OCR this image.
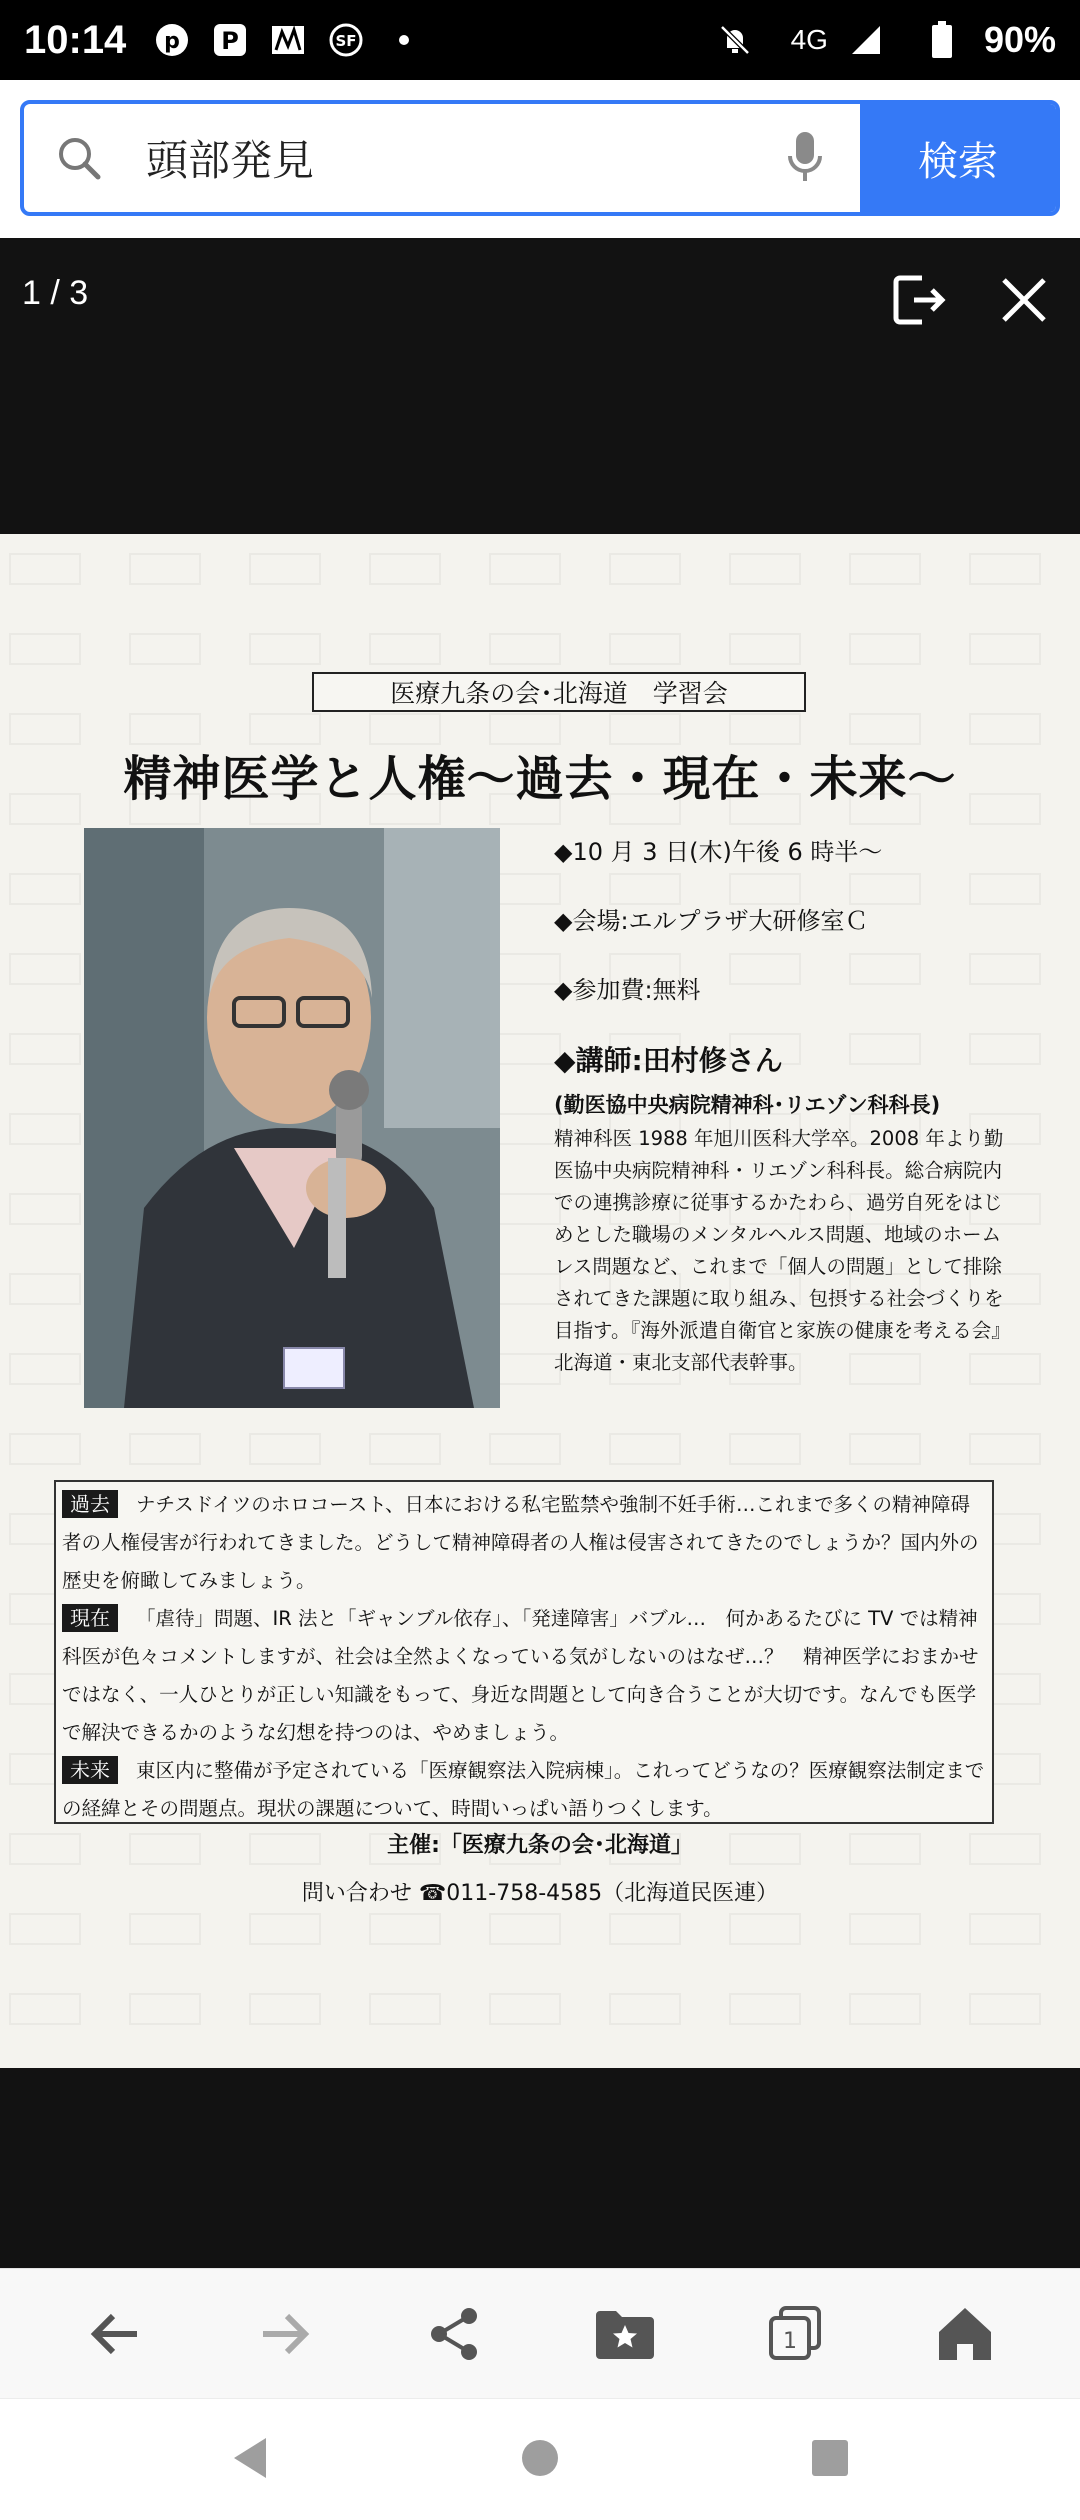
10:14 p P	SF	4G	90%
頭部発見
検索
1 / 3
医療九条の会･北海道　学習会
精神医学と人権〜過去・現在・未来〜
◆10 月 3 日(木)午後 6 時半〜
◆会場:エルプラザ大研修室Ｃ
◆参加費:無料
◆講師:田村修さん
(勤医協中央病院精神科･リエゾン科科長)
精神科医 1988 年旭川医科大学卒。2008 年より勤医協中央病院精神科・リエゾン科科長。総合病院内での連携診療に従事するかたわら、過労自死をはじめとした職場のメンタルヘルス問題、地域のホームレス問題など、これまで「個人の問題」として排除されてきた課題に取り組み、包摂する社会づくりを目指す。『海外派遣自衛官と家族の健康を考える会』北海道・東北支部代表幹事。
過去 ナチスドイツのホロコースト、日本における私宅監禁や強制不妊手術…これまで多くの精神障碍者の人権侵害が行われてきました。どうして精神障碍者の人権は侵害されてきたのでしょうか？国内外の歴史を俯瞰してみましょう。
現在 「虐待」問題、IR 法と「ギャンブル依存」、「発達障害」バブル…　何かあるたびに TV では精神科医が色々コメントしますが、社会は全然よくなっている気がしないのはなぜ…？　精神医学におまかせではなく、一人ひとりが正しい知識をもって、身近な問題として向き合うことが大切です。なんでも医学で解決できるかのような幻想を持つのは、やめましょう。
未来 東区内に整備が予定されている「医療観察法入院病棟」。これってどうなの？医療観察法制定までの経緯とその問題点。現状の課題について、時間いっぱい語りつくします。
主催:「医療九条の会･北海道」
問い合わせ ☎011-758-4585（北海道民医連）
1
